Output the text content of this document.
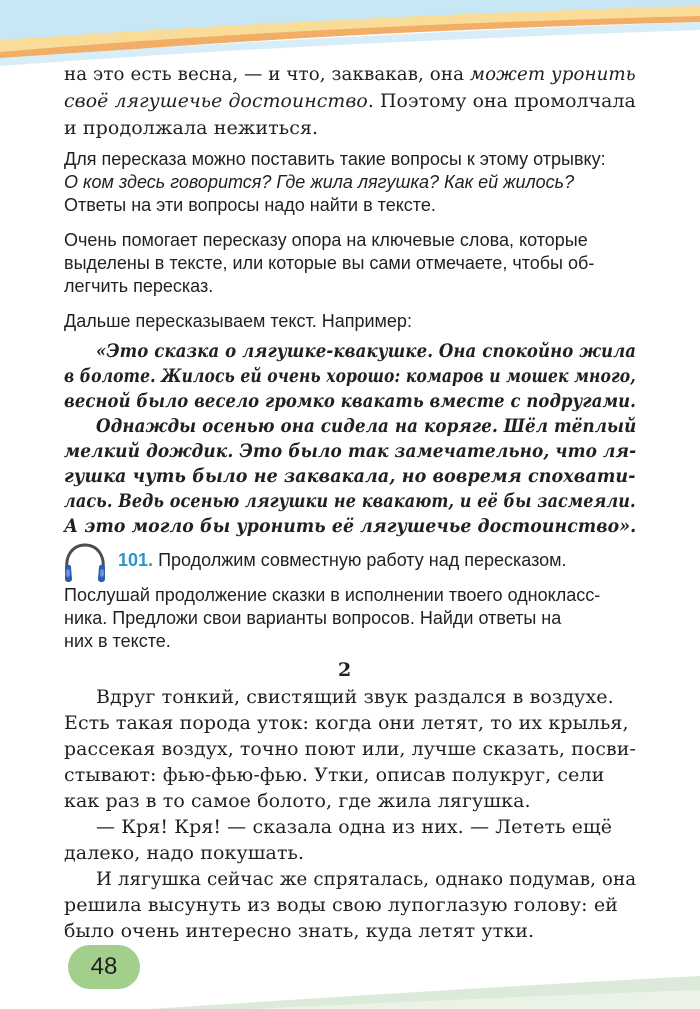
на это есть весна, — и что, заквакав, она может уронить
своё лягушечье достоинство. Поэтому она промолчала
и продолжала нежиться.
Для пересказа можно поставить такие вопросы к этому отрывку:
О ком здесь говорится? Где жила лягушка? Как ей жилось?
Ответы на эти вопросы надо найти в тексте.
Очень помогает пересказу опора на ключевые слова, которые
выделены в тексте, или которые вы сами отмечаете, чтобы об-
легчить пересказ.
Дальше пересказываем текст. Например:
«Это сказка о лягушке-квакушке. Она спокойно жила
в болоте. Жилось ей очень хорошо: комаров и мошек много,
весной было весело громко квакать вместе с подругами.
Однажды осенью она сидела на коряге. Шёл тёплый
мелкий дождик. Это было так замечательно, что ля-
гушка чуть было не заквакала, но вовремя спохвати-
лась. Ведь осенью лягушки не квакают, и её бы засмеяли.
А это могло бы уронить её лягушечье достоинство».
101. Продолжим совместную работу над пересказом.
Послушай продолжение сказки в исполнении твоего однокласс-
ника. Предложи свои варианты вопросов. Найди ответы на
них в тексте.
2
Вдруг тонкий, свистящий звук раздался в воздухе.
Есть такая порода уток: когда они летят, то их крылья,
рассекая воздух, точно поют или, лучше сказать, посви-
стывают: фью-фью-фью. Утки, описав полукруг, сели
как раз в то самое болото, где жила лягушка.
— Кря! Кря! — сказала одна из них. — Лететь ещё
далеко, надо покушать.
И лягушка сейчас же спряталась, однако подумав, она
решила высунуть из воды свою лупоглазую голову: ей
было очень интересно знать, куда летят утки.
48
